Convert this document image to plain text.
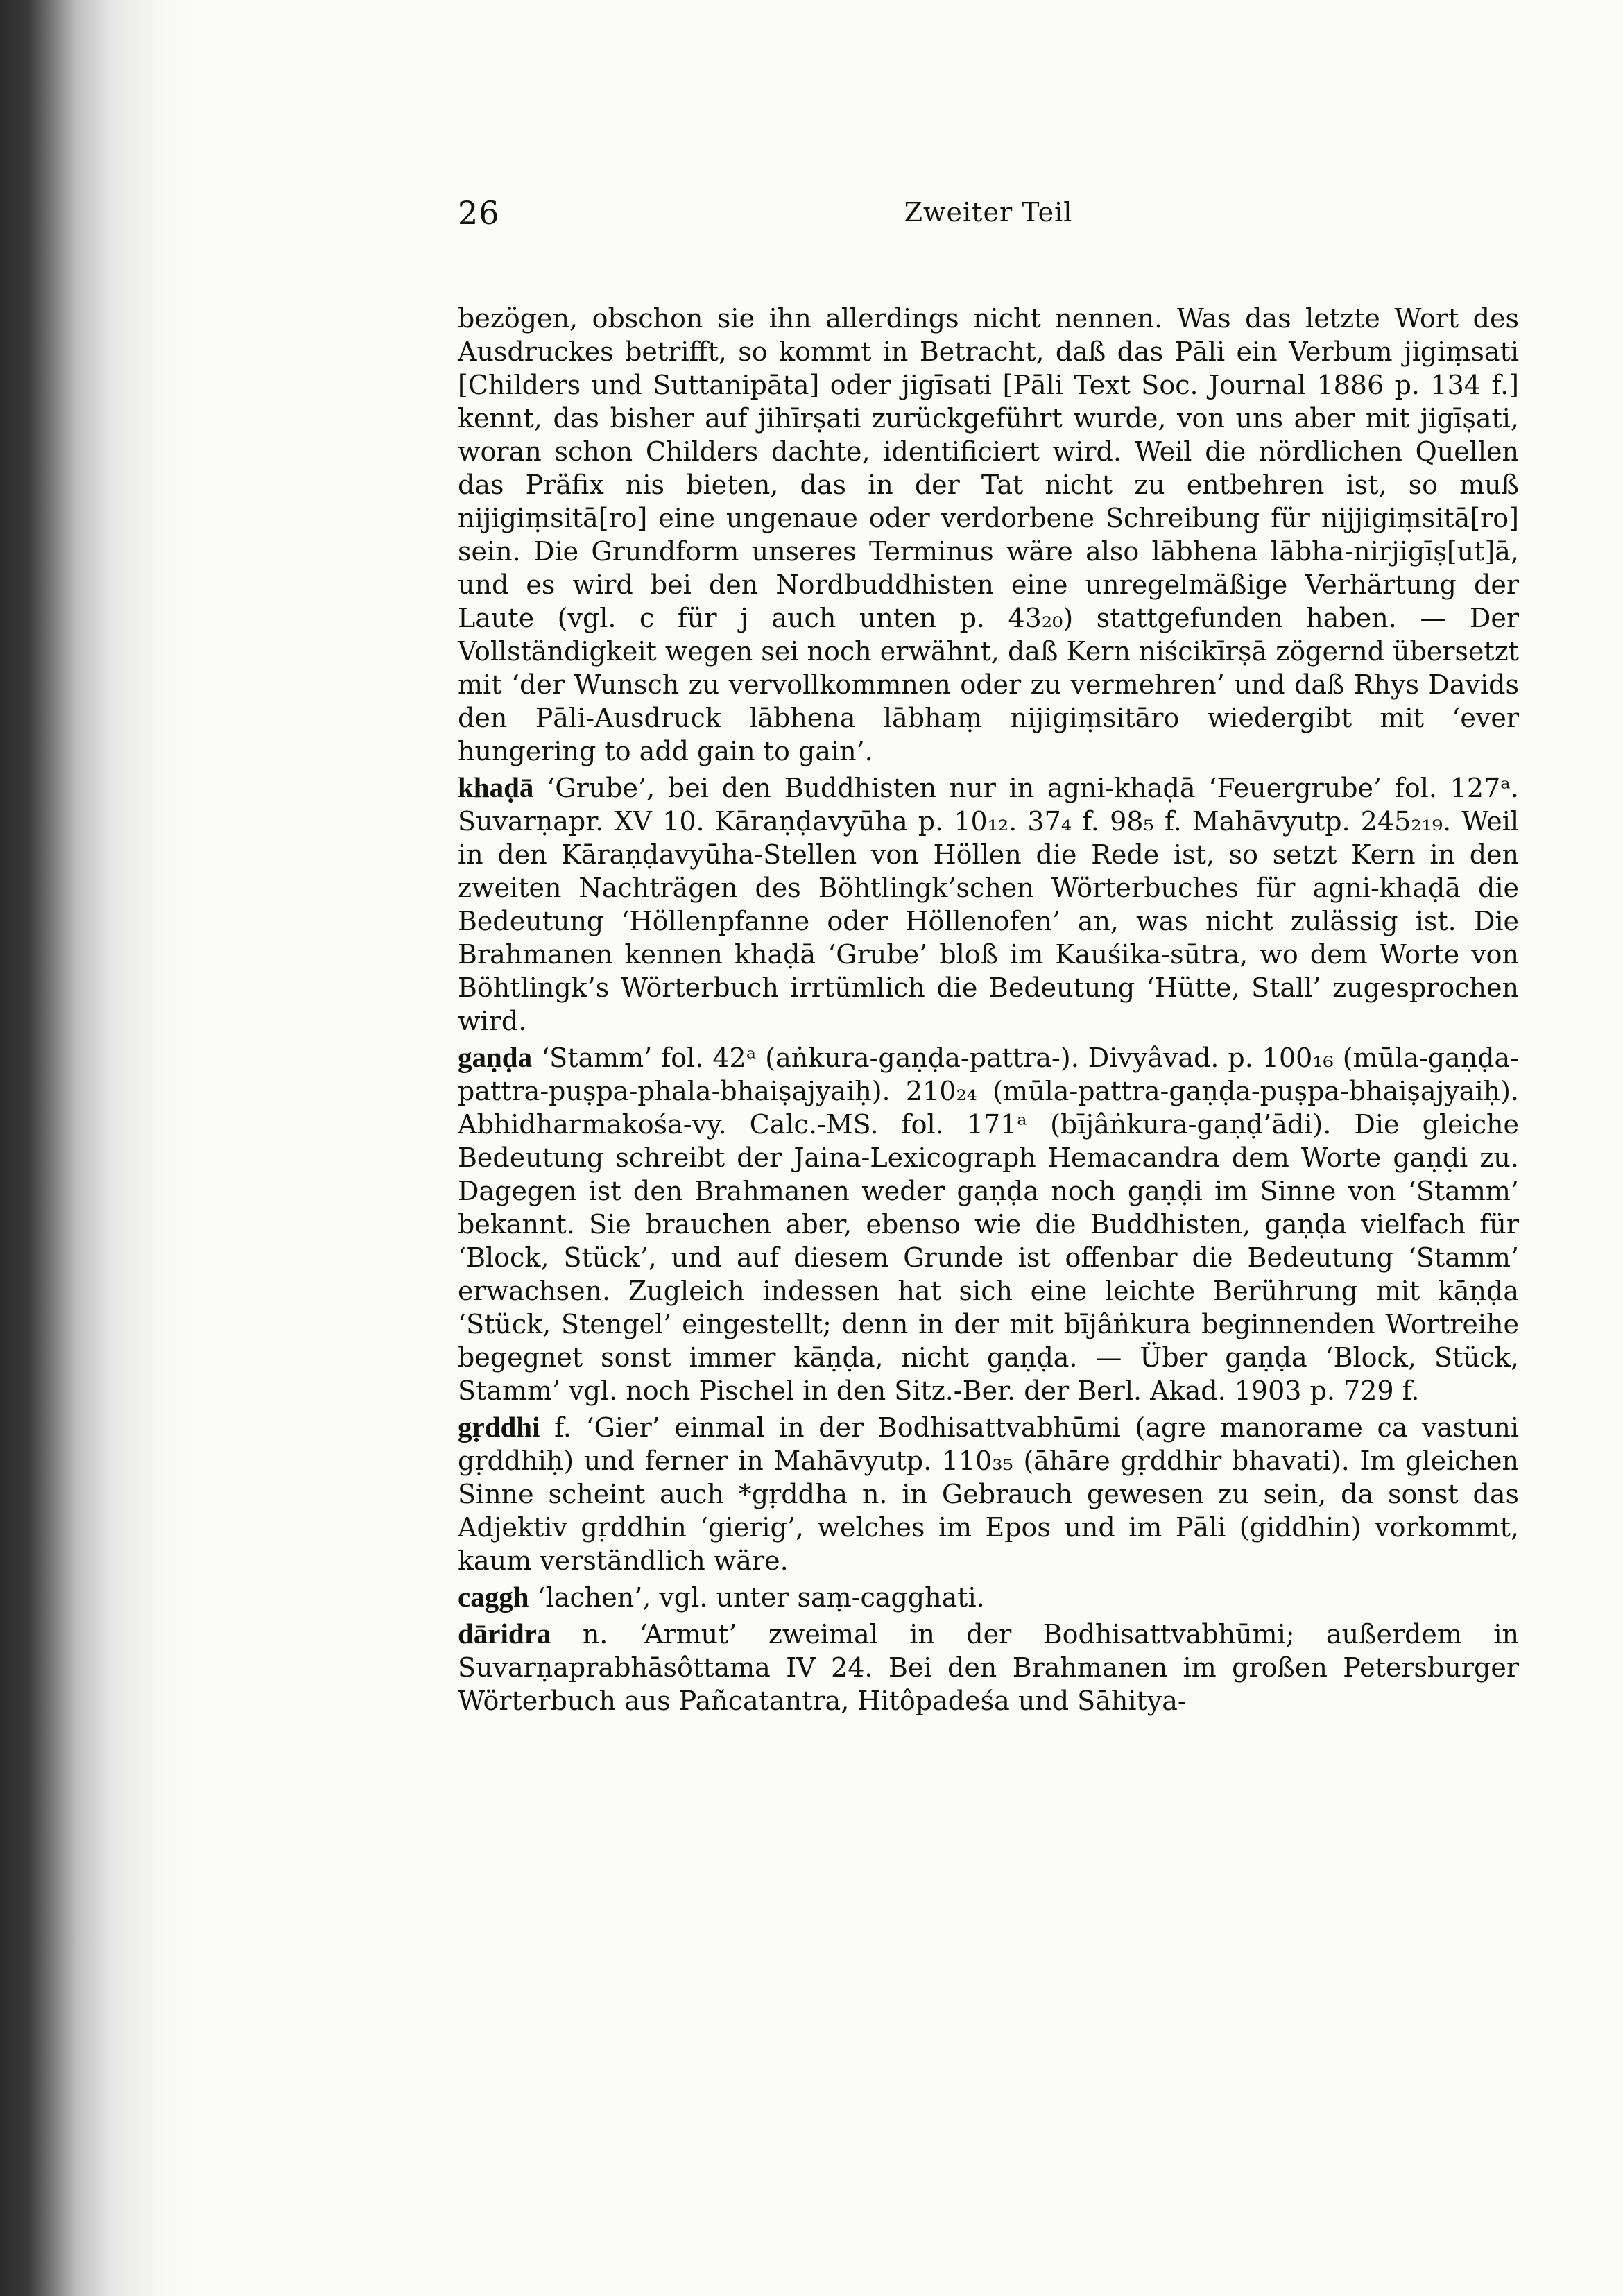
26	Zweiter Teil

bezögen, obschon sie ihn allerdings nicht nennen. Was das letzte Wort des Ausdruckes betrifft, so kommt in Betracht, daß das Pāli ein Verbum jigiṃsati [Childers und Suttanipāta] oder jigīsati [Pāli Text Soc. Journal 1886 p. 134 f.] kennt, das bisher auf jihīrṣati zurückgeführt wurde, von uns aber mit jigīṣati, woran schon Childers dachte, identificiert wird. Weil die nördlichen Quellen das Präfix nis bieten, das in der Tat nicht zu entbehren ist, so muß nijigiṃsitā[ro] eine ungenaue oder verdorbene Schreibung für nijjigiṃsitā[ro] sein. Die Grundform unseres Terminus wäre also lābhena lābha-nirjigīṣ[ut]ā, und es wird bei den Nordbuddhisten eine unregelmäßige Verhärtung der Laute (vgl. c für j auch unten p. 43₂₀) stattgefunden haben. — Der Vollständigkeit wegen sei noch erwähnt, daß Kern niścikīrṣā zögernd übersetzt mit ‘der Wunsch zu vervollkommnen oder zu vermehren’ und daß Rhys Davids den Pāli-Ausdruck lābhena lābhaṃ nijigiṃsitāro wiedergibt mit ‘ever hungering to add gain to gain’.

khaḍā ‘Grube’, bei den Buddhisten nur in agni-khaḍā ‘Feuergrube’ fol. 127ᵃ. Suvarṇapr. XV 10. Kāraṇḍavyūha p. 10₁₂. 37₄ f. 98₅ f. Mahāvyutp. 245₂₁₉. Weil in den Kāraṇḍavyūha-Stellen von Höllen die Rede ist, so setzt Kern in den zweiten Nachträgen des Böhtlingk’schen Wörterbuches für agni-khaḍā die Bedeutung ‘Höllenpfanne oder Höllenofen’ an, was nicht zulässig ist. Die Brahmanen kennen khaḍā ‘Grube’ bloß im Kauśika-sūtra, wo dem Worte von Böhtlingk’s Wörterbuch irrtümlich die Bedeutung ‘Hütte, Stall’ zugesprochen wird.

gaṇḍa ‘Stamm’ fol. 42ᵃ (aṅkura-gaṇḍa-pattra-). Divyâvad. p. 100₁₆ (mūla-gaṇḍa-pattra-puṣpa-phala-bhaiṣajyaiḥ). 210₂₄ (mūla-pattra-gaṇḍa-puṣpa-bhaiṣajyaiḥ). Abhidharmakośa-vy. Calc.-MS. fol. 171ᵃ (bījâṅkura-gaṇḍ’ādi). Die gleiche Bedeutung schreibt der Jaina-Lexicograph Hemacandra dem Worte gaṇḍi zu. Dagegen ist den Brahmanen weder gaṇḍa noch gaṇḍi im Sinne von ‘Stamm’ bekannt. Sie brauchen aber, ebenso wie die Buddhisten, gaṇḍa vielfach für ‘Block, Stück’, und auf diesem Grunde ist offenbar die Bedeutung ‘Stamm’ erwachsen. Zugleich indessen hat sich eine leichte Berührung mit kāṇḍa ‘Stück, Stengel’ eingestellt; denn in der mit bījâṅkura beginnenden Wortreihe begegnet sonst immer kāṇḍa, nicht gaṇḍa. — Über gaṇḍa ‘Block, Stück, Stamm’ vgl. noch Pischel in den Sitz.-Ber. der Berl. Akad. 1903 p. 729 f.

gṛddhi f. ‘Gier’ einmal in der Bodhisattvabhūmi (agre manorame ca vastuni gṛddhiḥ) und ferner in Mahāvyutp. 110₃₅ (āhāre gṛddhir bhavati). Im gleichen Sinne scheint auch *gṛddha n. in Gebrauch gewesen zu sein, da sonst das Adjektiv gṛddhin ‘gierig’, welches im Epos und im Pāli (giddhin) vorkommt, kaum verständlich wäre.

caggh ‘lachen’, vgl. unter saṃ-cagghati.

dāridra n. ‘Armut’ zweimal in der Bodhisattvabhūmi; außerdem in Suvarṇaprabhāsôttama IV 24. Bei den Brahmanen im großen Petersburger Wörterbuch aus Pañcatantra, Hitôpadeśa und Sāhitya-
